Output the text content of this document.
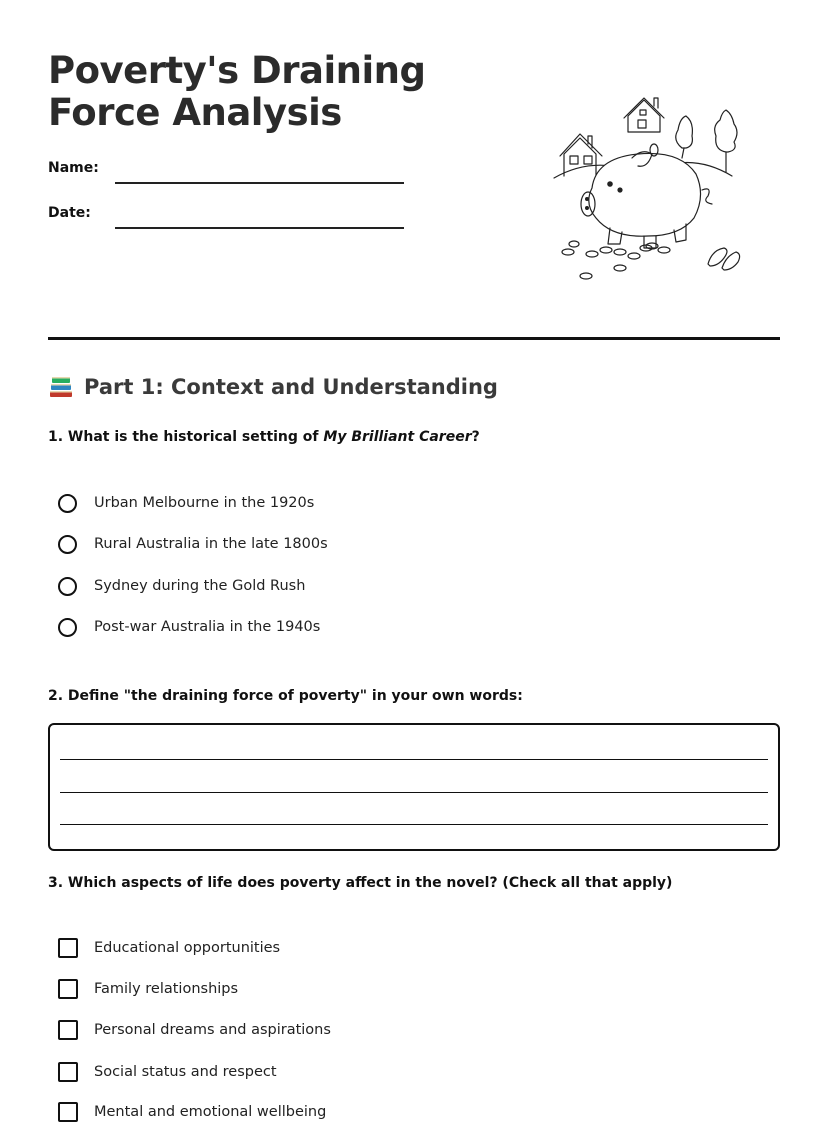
Poverty's Draining Force Analysis
Name:
Date:
Part 1: Context and Understanding
1. What is the historical setting of My Brilliant Career?
Urban Melbourne in the 1920s
Rural Australia in the late 1800s
Sydney during the Gold Rush
Post-war Australia in the 1940s
2. Define "the draining force of poverty" in your own words:
3. Which aspects of life does poverty affect in the novel? (Check all that apply)
Educational opportunities
Family relationships
Personal dreams and aspirations
Social status and respect
Mental and emotional wellbeing
